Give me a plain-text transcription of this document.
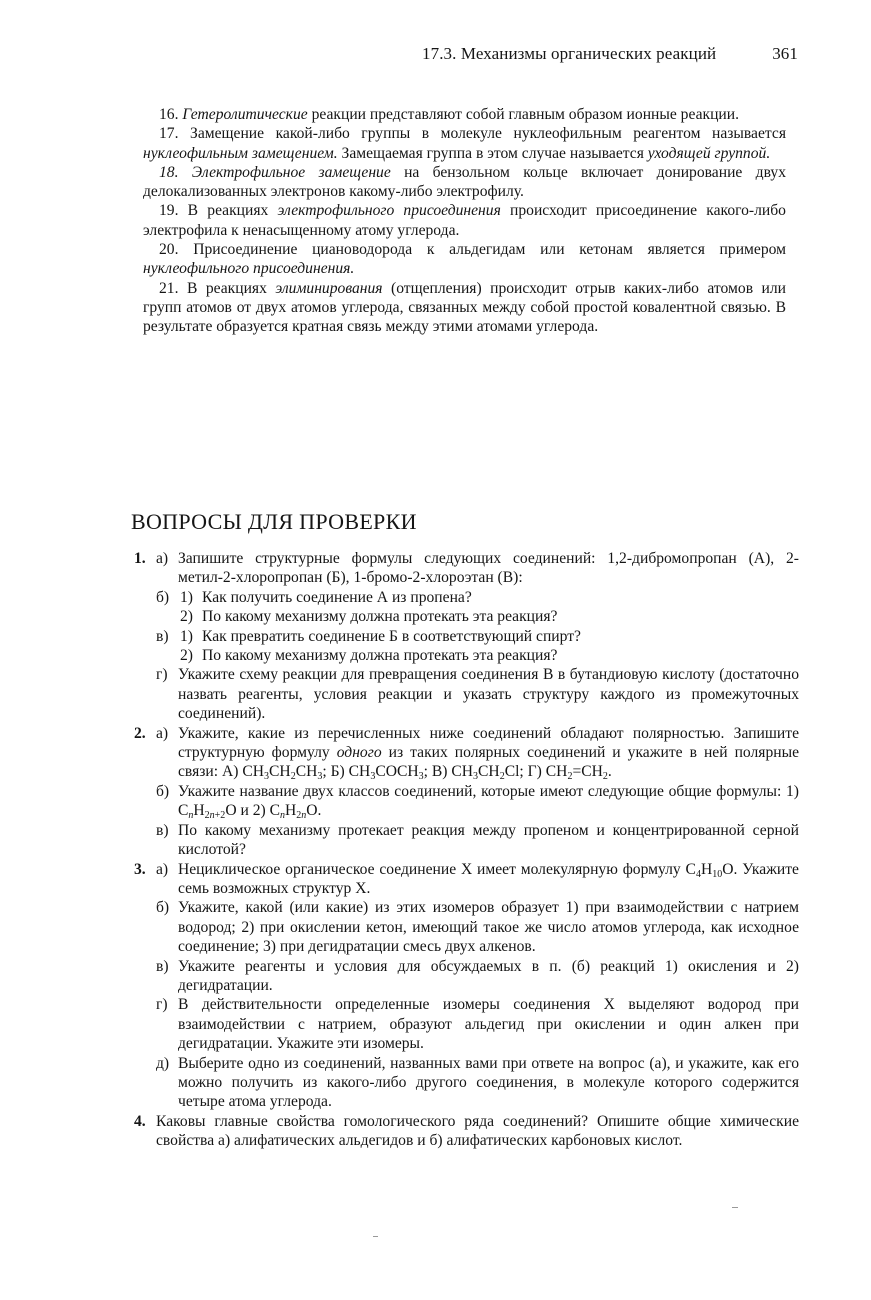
17.3. Механизмы органических реакций	361

16. Гетеролитические реакции представляют собой главным образом ионные реакции.

17. Замещение какой-либо группы в молекуле нуклеофильным реагентом называется нуклеофильным замещением. Замещаемая группа в этом случае называется уходящей группой.

18. Электрофильное замещение на бензольном кольце включает донирование двух делокализованных электронов какому-либо электрофилу.

19. В реакциях электрофильного присоединения происходит присоединение какого-либо электрофила к ненасыщенному атому углерода.

20. Присоединение циановодорода к альдегидам или кетонам является примером нуклеофильного присоединения.

21. В реакциях элиминирования (отщепления) происходит отрыв каких-либо атомов или групп атомов от двух атомов углерода, связанных между собой простой ковалентной связью. В результате образуется кратная связь между этими атомами углерода.

ВОПРОСЫ ДЛЯ ПРОВЕРКИ
1. а) Запишите структурные формулы следующих соединений: 1,2-дибромопропан (А), 2-метил-2-хлоропропан (Б), 1-бромо-2-хлороэтан (В):
б) 1) Как получить соединение А из пропена?
2) По какому механизму должна протекать эта реакция?
в) 1) Как превратить соединение Б в соответствующий спирт?
2) По какому механизму должна протекать эта реакция?
г) Укажите схему реакции для превращения соединения В в бутандиовую кислоту (достаточно назвать реагенты, условия реакции и указать структуру каждого из промежуточных соединений).
2. а) Укажите, какие из перечисленных ниже соединений обладают полярностью. Запишите структурную формулу одного из таких полярных соединений и укажите в ней полярные связи: А) $CH_3CH_2CH_3$; Б) $CH_3COCH_3$; В) $CH_3CH_2Cl$; Г) $CH_2=CH_2$.
б) Укажите название двух классов соединений, которые имеют следующие общие формулы: 1) $C_nH_{2n+2}O$ и 2) $C_nH_{2n}O$.
в) По какому механизму протекает реакция между пропеном и концентрированной серной кислотой?
3. а) Нециклическое органическое соединение X имеет молекулярную формулу $C_4H_{10}O$. Укажите семь возможных структур X.
б) Укажите, какой (или какие) из этих изомеров образует 1) при взаимодействии с натрием водород; 2) при окислении кетон, имеющий такое же число атомов углерода, как исходное соединение; 3) при дегидратации смесь двух алкенов.
в) Укажите реагенты и условия для обсуждаемых в п. (б) реакций 1) окисления и 2) дегидратации.
г) В действительности определенные изомеры соединения X выделяют водород при взаимодействии с натрием, образуют альдегид при окислении и один алкен при дегидратации. Укажите эти изомеры.
д) Выберите одно из соединений, названных вами при ответе на вопрос (а), и укажите, как его можно получить из какого-либо другого соединения, в молекуле которого содержится четыре атома углерода.
4. Каковы главные свойства гомологического ряда соединений? Опишите общие химические свойства а) алифатических альдегидов и б) алифатических карбоновых кислот.
